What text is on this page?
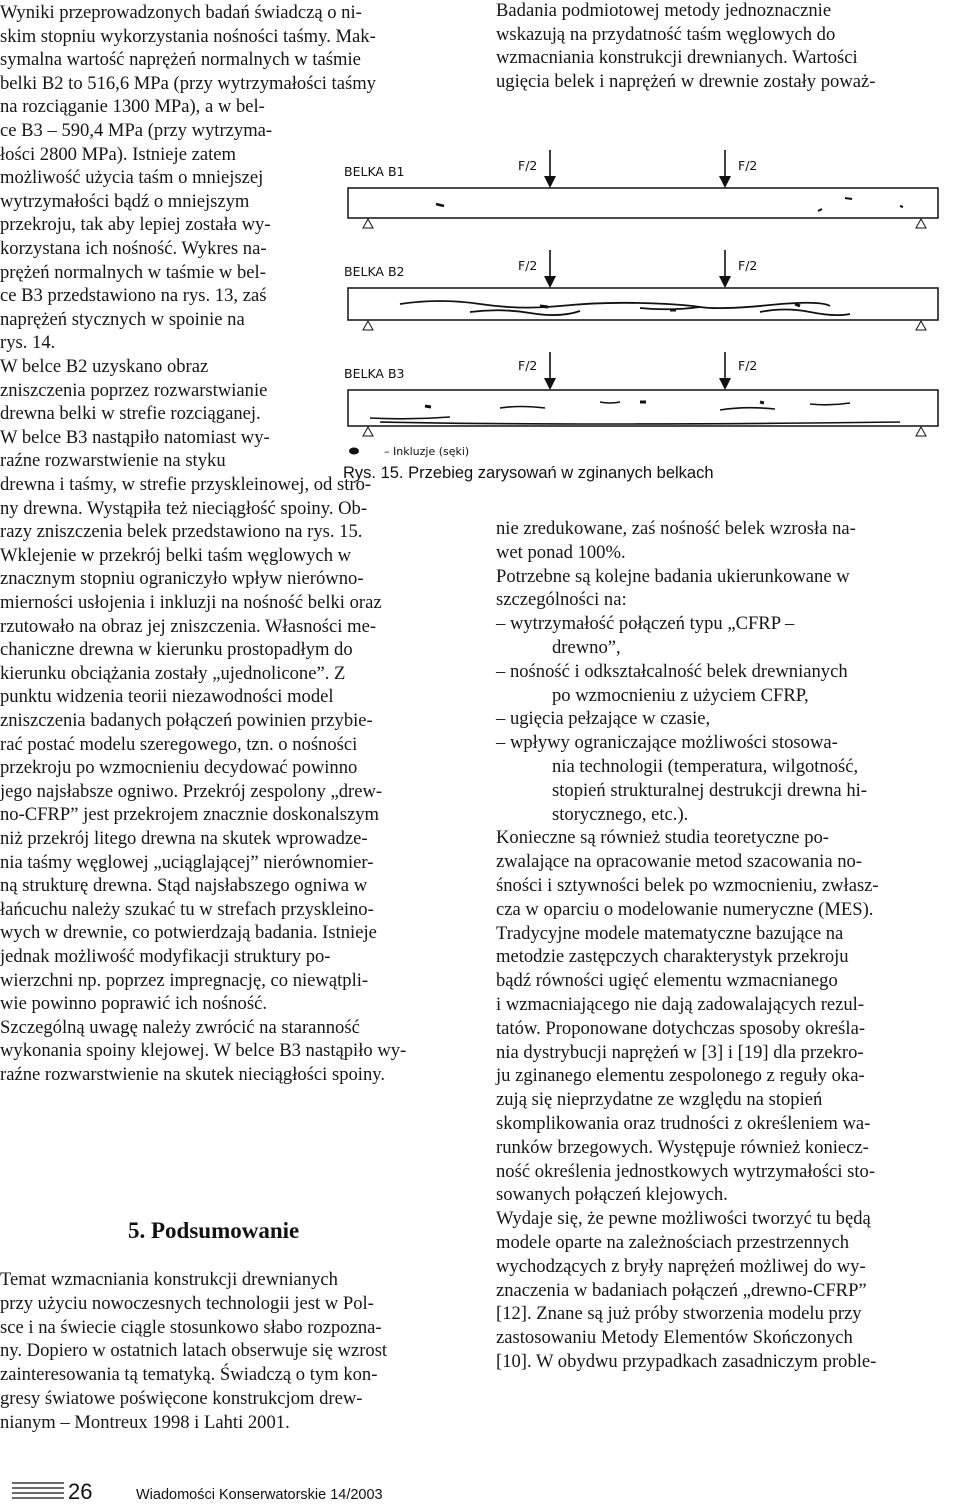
Wyniki przeprowadzonych badań świadczą o ni-
skim stopniu wykorzystania nośności taśmy. Mak-
symalna wartość naprężeń normalnych w taśmie
belki B2 to 516,6 MPa (przy wytrzymałości taśmy
na rozciąganie 1300 MPa), a w bel-
ce B3 – 590,4 MPa (przy wytrzyma-
łości 2800 MPa). Istnieje zatem
możliwość użycia taśm o mniejszej
wytrzymałości bądź o mniejszym
przekroju, tak aby lepiej została wy-
korzystana ich nośność. Wykres na-
prężeń normalnych w taśmie w bel-
ce B3 przedstawiono na rys. 13, zaś
naprężeń stycznych w spoinie na
rys. 14.
W belce B2 uzyskano obraz
zniszczenia poprzez rozwarstwianie
drewna belki w strefie rozciąganej.
W belce B3 nastąpiło natomiast wy-
raźne rozwarstwienie na styku
drewna i taśmy, w strefie przyskleinowej, od stro-
ny drewna. Wystąpiła też nieciągłość spoiny. Ob-
razy zniszczenia belek przedstawiono na rys. 15.
Wklejenie w przekrój belki taśm węglowych w
znacznym stopniu ograniczyło wpływ nierówno-
mierności usłojenia i inkluzji na nośność belki oraz
rzutowało na obraz jej zniszczenia. Własności me-
chaniczne drewna w kierunku prostopadłym do
kierunku obciążania zostały „ujednolicone”. Z
punktu widzenia teorii niezawodności model
zniszczenia badanych połączeń powinien przybie-
rać postać modelu szeregowego, tzn. o nośności
przekroju po wzmocnieniu decydować powinno
jego najsłabsze ogniwo. Przekrój zespolony „drew-
no-CFRP” jest przekrojem znacznie doskonalszym
niż przekrój litego drewna na skutek wprowadze-
nia taśmy węglowej „uciąglającej” nierównomier-
ną strukturę drewna. Stąd najsłabszego ogniwa w
łańcuchu należy szukać tu w strefach przyskleino-
wych w drewnie, co potwierdzają badania. Istnieje
jednak możliwość modyfikacji struktury po-
wierzchni np. poprzez impregnację, co niewątpli-
wie powinno poprawić ich nośność.
Szczególną uwagę należy zwrócić na staranność
wykonania spoiny klejowej. W belce B3 nastąpiło wy-
raźne rozwarstwienie na skutek nieciągłości spoiny.
5. Podsumowanie
Temat wzmacniania konstrukcji drewnianych
przy użyciu nowoczesnych technologii jest w Pol-
sce i na świecie ciągle stosunkowo słabo rozpozna-
ny. Dopiero w ostatnich latach obserwuje się wzrost
zainteresowania tą tematyką. Świadczą o tym kon-
gresy światowe poświęcone konstrukcjom drew-
nianym – Montreux 1998 i Lahti 2001.
Badania podmiotowej metody jednoznacznie
wskazują na przydatność taśm węglowych do
wzmacniania konstrukcji drewnianych. Wartości
ugięcia belek i naprężeń w drewnie zostały poważ-
nie zredukowane, zaś nośność belek wzrosła na-
wet ponad 100%.
Potrzebne są kolejne badania ukierunkowane w
szczególności na:
– wytrzymałość połączeń typu „CFRP –
drewno”,
– nośność i odkształcalność belek drewnianych
po wzmocnieniu z użyciem CFRP,
– ugięcia pełzające w czasie,
– wpływy ograniczające możliwości stosowa-
nia technologii (temperatura, wilgotność,
stopień strukturalnej destrukcji drewna hi-
storycznego, etc.).
Konieczne są również studia teoretyczne po-
zwalające na opracowanie metod szacowania no-
śności i sztywności belek po wzmocnieniu, zwłasz-
cza w oparciu o modelowanie numeryczne (MES).
Tradycyjne modele matematyczne bazujące na
metodzie zastępczych charakterystyk przekroju
bądź równości ugięć elementu wzmacnianego
i wzmacniającego nie dają zadowalających rezul-
tatów. Proponowane dotychczas sposoby określa-
nia dystrybucji naprężeń w [3] i [19] dla przekro-
ju zginanego elementu zespolonego z reguły oka-
zują się nieprzydatne ze względu na stopień
skomplikowania oraz trudności z określeniem wa-
runków brzegowych. Występuje również koniecz-
ność określenia jednostkowych wytrzymałości sto-
sowanych połączeń klejowych.
Wydaje się, że pewne możliwości tworzyć tu będą
modele oparte na zależnościach przestrzennych
wychodzących z bryły naprężeń możliwej do wy-
znaczenia w badaniach połączeń „drewno-CFRP”
[12]. Znane są już próby stworzenia modelu przy
zastosowaniu Metody Elementów Skończonych
[10]. W obydwu przypadkach zasadniczym proble-
BELKA B1	F/2	F/2
BELKA B2	F/2	F/2
BELKA B3
F/2	F/2
– Inkluzje (sęki)
Rys. 15. Przebieg zarysowań w zginanych belkach
26	Wiadomości Konserwatorskie 14/2003
